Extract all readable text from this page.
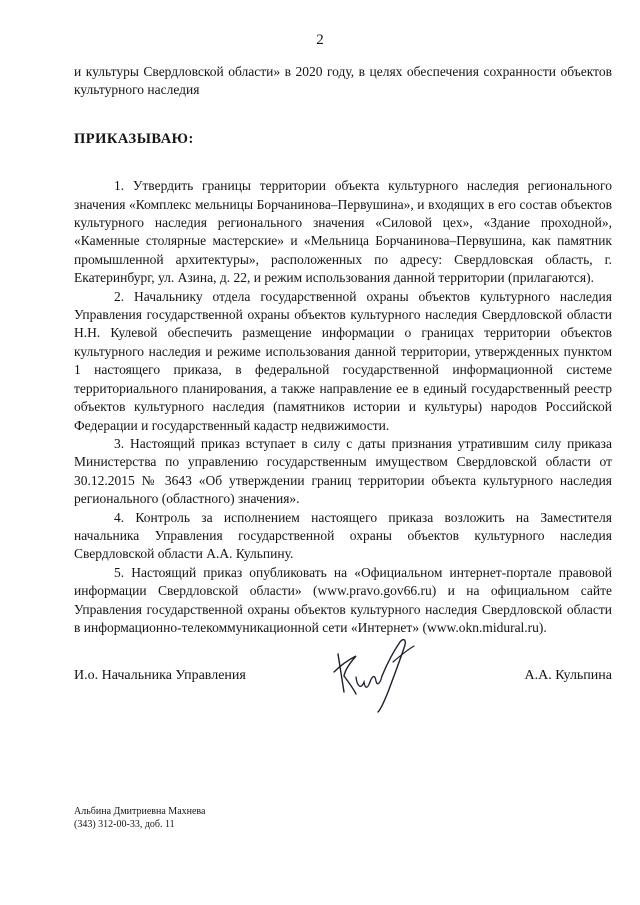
2

и культуры Свердловской области» в 2020 году, в целях обеспечения сохранности объектов культурного наследия

ПРИКАЗЫВАЮ:

1. Утвердить границы территории объекта культурного наследия регионального значения «Комплекс мельницы Борчанинова–Первушина», и входящих в его состав объектов культурного наследия регионального значения «Силовой цех», «Здание проходной», «Каменные столярные мастерские» и «Мельница Борчанинова–Первушина, как памятник промышленной архитектуры», расположенных по адресу: Свердловская область, г. Екатеринбург, ул. Азина, д. 22, и режим использования данной территории (прилагаются).

2. Начальнику отдела государственной охраны объектов культурного наследия Управления государственной охраны объектов культурного наследия Свердловской области Н.Н. Кулевой обеспечить размещение информации о границах территории объектов культурного наследия и режиме использования данной территории, утвержденных пунктом 1 настоящего приказа, в федеральной государственной информационной системе территориального планирования, а также направление ее в единый государственный реестр объектов культурного наследия (памятников истории и культуры) народов Российской Федерации и государственный кадастр недвижимости.

3. Настоящий приказ вступает в силу с даты признания утратившим силу приказа Министерства по управлению государственным имуществом Свердловской области от 30.12.2015 № 3643 «Об утверждении границ территории объекта культурного наследия регионального (областного) значения».

4. Контроль за исполнением настоящего приказа возложить на Заместителя начальника Управления государственной охраны объектов культурного наследия Свердловской области А.А. Кульпину.

5. Настоящий приказ опубликовать на «Официальном интернет-портале правовой информации Свердловской области» (www.pravo.gov66.ru) и на официальном сайте Управления государственной охраны объектов культурного наследия Свердловской области в информационно-телекоммуникационной сети «Интернет» (www.okn.midural.ru).

И.о. Начальника Управления	А.А. Кульпина
Альбина Дмитриевна Махнева
(343) 312-00-33, доб. 11
